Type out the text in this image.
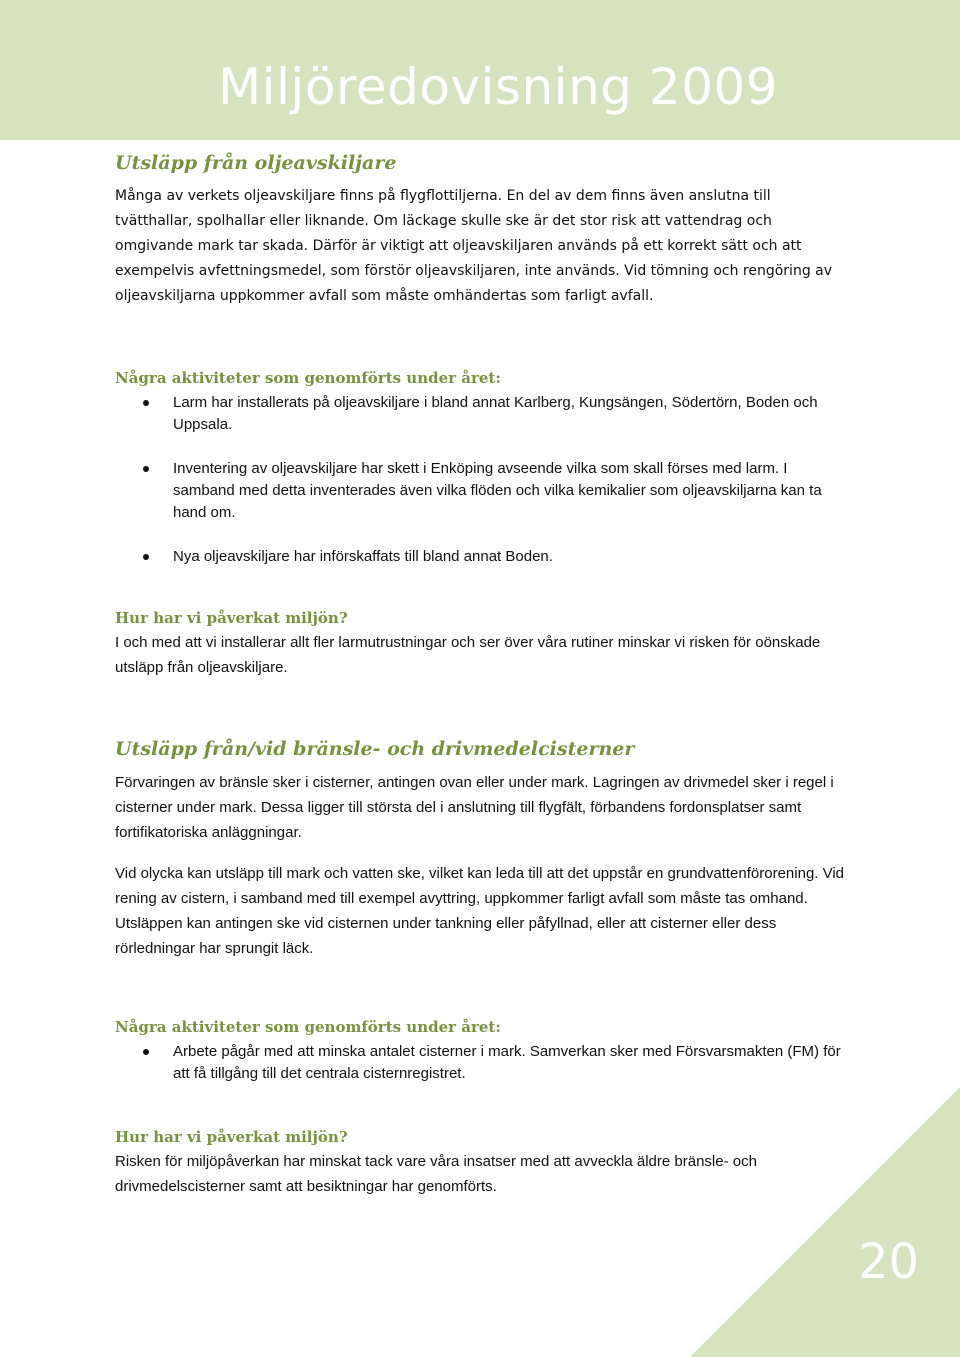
Miljöredovisning 2009
20
Utsläpp från oljeavskiljare

Många av verkets oljeavskiljare finns på flygflottiljerna. En del av dem finns även anslutna till tvätthallar, spolhallar eller liknande. Om läckage skulle ske är det stor risk att vattendrag och omgivande mark tar skada. Därför är viktigt att oljeavskiljaren används på ett korrekt sätt och att exempelvis avfettningsmedel, som förstör oljeavskiljaren, inte används. Vid tömning och rengöring av oljeavskiljarna uppkommer avfall som måste omhändertas som farligt avfall.

Några aktiviteter som genomförts under året:
Larm har installerats på oljeavskiljare i bland annat Karlberg, Kungsängen, Södertörn, Boden och Uppsala.
Inventering av oljeavskiljare har skett i Enköping avseende vilka som skall förses med larm. I samband med detta inventerades även vilka flöden och vilka kemikalier som oljeavskiljarna kan ta hand om.
Nya oljeavskiljare har införskaffats till bland annat Boden.
Hur har vi påverkat miljön?

I och med att vi installerar allt fler larmutrustningar och ser över våra rutiner minskar vi risken för oönskade utsläpp från oljeavskiljare.

Utsläpp från/vid bränsle- och drivmedelcisterner

Förvaringen av bränsle sker i cisterner, antingen ovan eller under mark. Lagringen av drivmedel sker i regel i cisterner under mark. Dessa ligger till största del i anslutning till flygfält, förbandens fordonsplatser samt fortifikatoriska anläggningar.

Vid olycka kan utsläpp till mark och vatten ske, vilket kan leda till att det uppstår en grundvattenförorening. Vid rening av cistern, i samband med till exempel avyttring, uppkommer farligt avfall som måste tas omhand. Utsläppen kan antingen ske vid cisternen under tankning eller påfyllnad, eller att cisterner eller dess rörledningar har sprungit läck.

Några aktiviteter som genomförts under året:
Arbete pågår med att minska antalet cisterner i mark. Samverkan sker med Försvarsmakten (FM) för att få tillgång till det centrala cisternregistret.
Hur har vi påverkat miljön?

Risken för miljöpåverkan har minskat tack vare våra insatser med att avveckla äldre bränsle- och drivmedelscisterner samt att besiktningar har genomförts.
